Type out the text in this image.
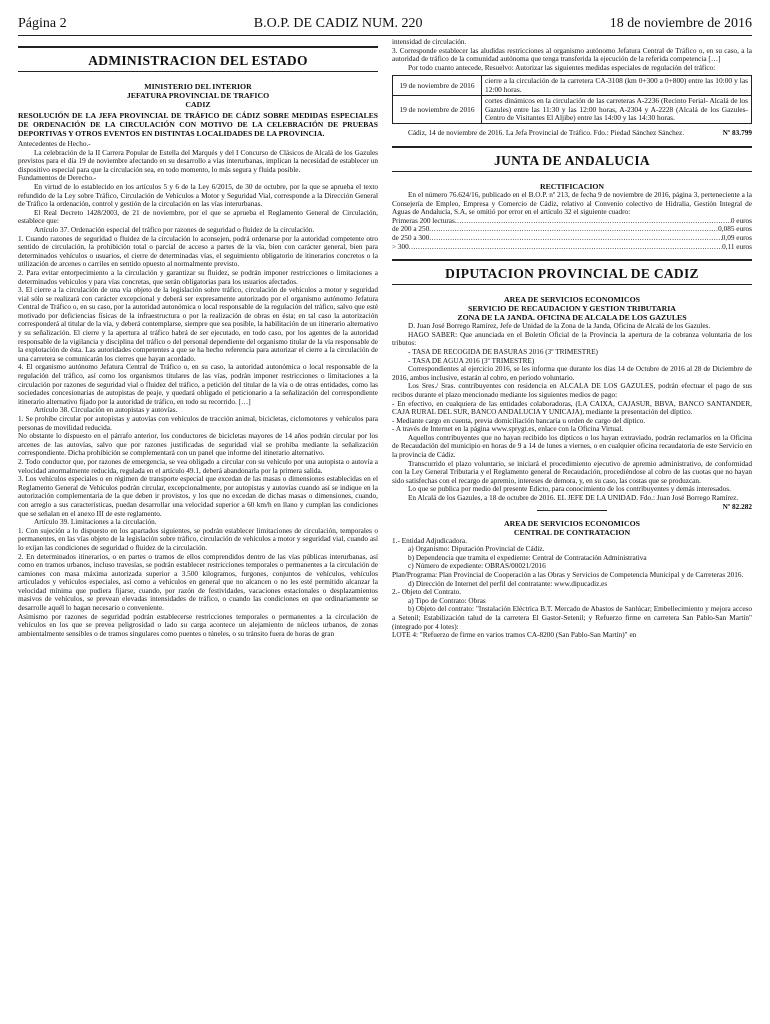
Página 2	B.O.P. DE CADIZ NUM. 220	18 de noviembre de 2016
ADMINISTRACION DEL ESTADO
MINISTERIO DEL INTERIOR
JEFATURA PROVINCIAL DE TRAFICO
CADIZ
RESOLUCIÓN DE LA JEFA PROVINCIAL DE TRÁFICO DE CÁDIZ SOBRE MEDIDAS ESPECIALES DE ORDENACIÓN DE LA CIRCULACIÓN CON MOTIVO DE LA CELEBRACIÓN DE PRUEBAS DEPORTIVAS Y OTROS EVENTOS EN DISTINTAS LOCALIDADES DE LA PROVINCIA.

Antecedentes de Hecho.-

La celebración de la II Carrera Popular de Estella del Marqués y del I Concurso de Clásicos de Alcalá de los Gazules previstos para el día 19 de noviembre afectando en su desarrollo a vías interurbanas, implican la necesidad de establecer un dispositivo especial para que la circulación sea, en todo momento, lo más segura y fluida posible.

Fundamentos de Derecho.-

En virtud de lo establecido en los artículos 5 y 6 de la Ley 6/2015, de 30 de octubre, por la que se aprueba el texto refundido de la Ley sobre Tráfico, Circulación de Vehículos a Motor y Seguridad Vial, corresponde a la Dirección General de Tráfico la ordenación, control y gestión de la circulación en las vías interurbanas.

El Real Decreto 1428/2003, de 21 de noviembre, por el que se aprueba el Reglamento General de Circulación, establece que:

Artículo 37. Ordenación especial del tráfico por razones de seguridad o fluidez de la circulación.

1. Cuando razones de seguridad o fluidez de la circulación lo aconsejen, podrá ordenarse por la autoridad competente otro sentido de circulación, la prohibición total o parcial de acceso a partes de la vía, bien con carácter general, bien para determinados vehículos o usuarios, el cierre de determinadas vías, el seguimiento obligatorio de itinerarios concretos o la utilización de arcenes o carriles en sentido opuesto al normalmente previsto.

2. Para evitar entorpecimiento a la circulación y garantizar su fluidez, se podrán imponer restricciones o limitaciones a determinados vehículos y para vías concretas, que serán obligatorias para los usuarios afectados.

3. El cierre a la circulación de una vía objeto de la legislación sobre tráfico, circulación de vehículos a motor y seguridad vial sólo se realizará con carácter excepcional y deberá ser expresamente autorizado por el organismo autónomo Jefatura Central de Tráfico o, en su caso, por la autoridad autonómica o local responsable de la regulación del tráfico, salvo que esté motivado por deficiencias físicas de la infraestructura o por la realización de obras en ésta; en tal caso la autorización corresponderá al titular de la vía, y deberá contemplarse, siempre que sea posible, la habilitación de un itinerario alternativo y su señalización. El cierre y la apertura al tráfico habrá de ser ejecutado, en todo caso, por los agentes de la autoridad responsable de la vigilancia y disciplina del tráfico o del personal dependiente del organismo titular de la vía responsable de la explotación de ésta. Las autoridades competentes a que se ha hecho referencia para autorizar el cierre a la circulación de una carretera se comunicarán los cierres que hayan acordado.

4. El organismo autónomo Jefatura Central de Tráfico o, en su caso, la autoridad autonómica o local responsable de la regulación del tráfico, así como los organismos titulares de las vías, podrán imponer restricciones o limitaciones a la circulación por razones de seguridad vial o fluidez del tráfico, a petición del titular de la vía o de otras entidades, como las sociedades concesionarias de autopistas de peaje, y quedará obligado el peticionario a la señalización del correspondiente itinerario alternativo fijado por la autoridad de tráfico, en todo su recorrido. […]

Artículo 38. Circulación en autopistas y autovías.

1. Se prohíbe circular por autopistas y autovías con vehículos de tracción animal, bicicletas, ciclomotores y vehículos para personas de movilidad reducida.

No obstante lo dispuesto en el párrafo anterior, los conductores de bicicletas mayores de 14 años podrán circular por los arcenes de las autovías, salvo que por razones justificadas de seguridad vial se prohíba mediante la señalización correspondiente. Dicha prohibición se complementará con un panel que informe del itinerario alternativo.

2. Todo conductor que, por razones de emergencia, se vea obligado a circular con su vehículo por una autopista o autovía a velocidad anormalmente reducida, regulada en el artículo 49.1, deberá abandonarla por la primera salida.

3. Los vehículos especiales o en régimen de transporte especial que excedan de las masas o dimensiones establecidas en el Reglamento General de Vehículos podrán circular, excepcionalmente, por autopistas y autovías cuando así se indique en la autorización complementaria de la que deben ir provistos, y los que no excedan de dichas masas o dimensiones, cuando, con arreglo a sus características, puedan desarrollar una velocidad superior a 60 km/h en llano y cumplan las condiciones que se señalan en el anexo III de este reglamento.

Artículo 39. Limitaciones a la circulación.

1. Con sujeción a lo dispuesto en los apartados siguientes, se podrán establecer limitaciones de circulación, temporales o permanentes, en las vías objeto de la legislación sobre tráfico, circulación de vehículos a motor y seguridad vial, cuando así lo exijan las condiciones de seguridad o fluidez de la circulación.

2. En determinados itinerarios, o en partes o tramos de ellos comprendidos dentro de las vías públicas interurbanas, así como en tramos urbanos, incluso travesías, se podrán establecer restricciones temporales o permanentes a la circulación de camiones con masa máxima autorizada superior a 3.500 kilogramos, furgones, conjuntos de vehículos, vehículos articulados y vehículos especiales, así como a vehículos en general que no alcancen o no les esté permitido alcanzar la velocidad mínima que pudiera fijarse, cuando, por razón de festividades, vacaciones estacionales o desplazamientos masivos de vehículos, se prevean elevadas intensidades de tráfico, o cuando las condiciones en que ordinariamente se desarrolle aquél lo hagan necesario o conveniente.

Asimismo por razones de seguridad podrán establecerse restricciones temporales o permanentes a la circulación de vehículos en los que se prevea peligrosidad o lado su carga acontece un alejamiento de núcleos urbanos, de zonas ambientalmente sensibles o de tramos singulares como puentes o túneles, o su tránsito fuera de horas de gran

intensidad de circulación.

3. Corresponde establecer las aludidas restricciones al organismo autónomo Jefatura Central de Tráfico o, en su caso, a la autoridad de tráfico de la comunidad autónoma que tenga transferida la ejecución de la referida competencia […]

Por todo cuanto antecede, Resuelvo: Autorizar las siguientes medidas especiales de regulación del tráfico:

19 de noviembre de 2016	cierre a la circulación de la carretera CA-3108 (km 0+300 a 0+800) entre las 10:00 y las 12:00 horas.
19 de noviembre de 2016	cortes dinámicos en la circulación de las carreteras A-2236 (Recinto Ferial- Alcalá de los Gazules) entre las 11:30 y las 12:00 horas, A-2304 y A-2228 (Alcalá de los Gazules-Centro de Visitantes El Aljibe) entre las 14:00 y las 14:30 horas.

Cádiz, 14 de noviembre de 2016. La Jefa Provincial de Tráfico. Fdo.: Piedad Sánchez Sánchez.	Nº 83.799

JUNTA DE ANDALUCIA
RECTIFICACION

En el número 76.624/16, publicado en el B.O.P. nº 213, de fecha 9 de noviembre de 2016, página 3, perteneciente a la Consejería de Empleo, Empresa y Comercio de Cádiz, relativo al Convenio colectivo de Hidralia, Gestión Integral de Aguas de Andalucía, S.A, se omitió por error en el artículo 32 el siguiente cuadro:

Primeras 200 lecturas .....	0 euros
de 200 a 250 .....	0,085 euros
de 250 a 300 .....	0,09 euros
> 300 .....	0,11 euros
DIPUTACION PROVINCIAL DE CADIZ
AREA DE SERVICIOS ECONOMICOS
SERVICIO DE RECAUDACION Y GESTION TRIBUTARIA
ZONA DE LA JANDA. OFICINA DE ALCALA DE LOS GAZULES

D. Juan José Borrego Ramírez, Jefe de Unidad de la Zona de la Janda, Oficina de Alcalá de los Gazules.

HAGO SABER: Que anunciada en el Boletín Oficial de la Provincia la apertura de la cobranza voluntaria de los tributos:

- TASA DE RECOGIDA DE BASURAS 2016 (3º TRIMESTRE)

- TASA DE AGUA 2016 (3º TRIMESTRE)

Correspondientes al ejercicio 2016, se les informa que durante los días 14 de Octubre de 2016 al 28 de Diciembre de 2016, ambos inclusive, estarán al cobro, en periodo voluntario.

Los Sres./ Sras. contribuyentes con residencia en ALCALA DE LOS GAZULES, podrán efectuar el pago de sus recibos durante el plazo mencionado mediante los siguientes medios de pago:

- En efectivo, en cualquiera de las entidades colaboradoras, (LA CAIXA, CAJASUR, BBVA, BANCO SANTANDER, CAJA RURAL DEL SUR, BANCO ANDALUCIA Y UNICAJA), mediante la presentación del díptico.

- Mediante cargo en cuenta, previa domiciliación bancaria u orden de cargo del díptico.

- A través de Internet en la página www.sprygt.es, enlace con la Oficina Virtual.

Aquellos contribuyentes que no hayan recibido los dípticos o los hayan extraviado, podrán reclamarlos en la Oficina de Recaudación del municipio en horas de 9 a 14 de lunes a viernes, o en cualquier oficina recaudatoria de este Servicio en la provincia de Cádiz.

Transcurrido el plazo voluntario, se iniciará el procedimiento ejecutivo de apremio administrativo, de conformidad con la Ley General Tributaria y el Reglamento general de Recaudación, procediéndose al cobro de las cuotas que no hayan sido satisfechas con el recargo de apremio, intereses de demora, y, en su caso, las costas que se produzcan.

Lo que se publica por medio del presente Edicto, para conocimiento de los contribuyentes y demás interesados.

En Alcalá de los Gazules, a 18 de octubre de 2016. EL JEFE DE LA UNIDAD. Fdo.: Juan José Borrego Ramírez.
Nº 82.282

AREA DE SERVICIOS ECONOMICOS
CENTRAL DE CONTRATACION

1.- Entidad Adjudicadora.

a) Organismo: Diputación Provincial de Cádiz.

b) Dependencia que tramita el expediente: Central de Contratación Administrativa

c) Número de expediente: OBRAS/00021/2016

Plan/Programa: Plan Provincial de Cooperación a las Obras y Servicios de Competencia Municipal y de Carreteras 2016.

d) Dirección de Internet del perfil del contratante: www.dipucadiz.es

2.- Objeto del Contrato.

a) Tipo de Contrato: Obras

b) Objeto del contrato: "Instalación Eléctrica B.T. Mercado de Abastos de Sanlúcar; Embellecimiento y mejora acceso a Setenil; Estabilización talud de la carretera El Gastor-Setenil; y Refuerzo firme en carretera San Pablo-San Martín" (integrado por 4 lotes):

LOTE 4: "Refuerzo de firme en varios tramos CA-8200 (San Pablo-San Martín)" en
